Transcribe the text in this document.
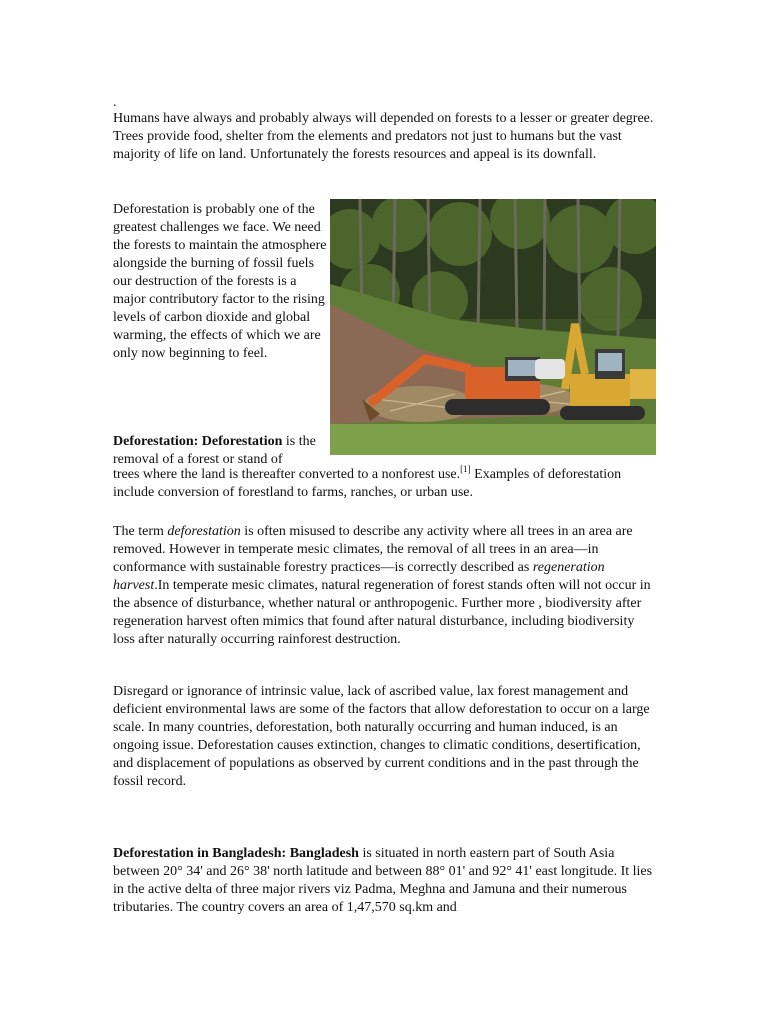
.

Humans have always and probably always will depended on forests to a lesser or greater degree. Trees provide food, shelter from the elements and predators not just to humans but the vast majority of life on land. Unfortunately the forests resources and appeal is its downfall.

Deforestation is probably one of the greatest challenges we face. We need the forests to maintain the atmosphere alongside the burning of fossil fuels our destruction of the forests is a major contributory factor to the rising levels of carbon dioxide and global warming, the effects of which we are only now beginning to feel.

Deforestation: Deforestation is the removal of a forest or stand of

trees where the land is thereafter converted to a nonforest use.[1] Examples of deforestation include conversion of forestland to farms, ranches, or urban use.

The term deforestation is often misused to describe any activity where all trees in an area are removed. However in temperate mesic climates, the removal of all trees in an area—in conformance with sustainable forestry practices—is correctly described as regeneration harvest.In temperate mesic climates, natural regeneration of forest stands often will not occur in the absence of disturbance, whether natural or anthropogenic. Further more , biodiversity after regeneration harvest often mimics that found after natural disturbance, including biodiversity loss after naturally occurring rainforest destruction.

Disregard or ignorance of intrinsic value, lack of ascribed value, lax forest management and deficient environmental laws are some of the factors that allow deforestation to occur on a large scale. In many countries, deforestation, both naturally occurring and human induced, is an ongoing issue. Deforestation causes extinction, changes to climatic conditions, desertification, and displacement of populations as observed by current conditions and in the past through the fossil record.

Deforestation in Bangladesh: Bangladesh is situated in north eastern part of South Asia between 20° 34' and 26° 38' north latitude and between 88° 01' and 92° 41' east longitude. It lies in the active delta of three major rivers viz Padma, Meghna and Jamuna and their numerous tributaries. The country covers an area of 1,47,570 sq.km and
